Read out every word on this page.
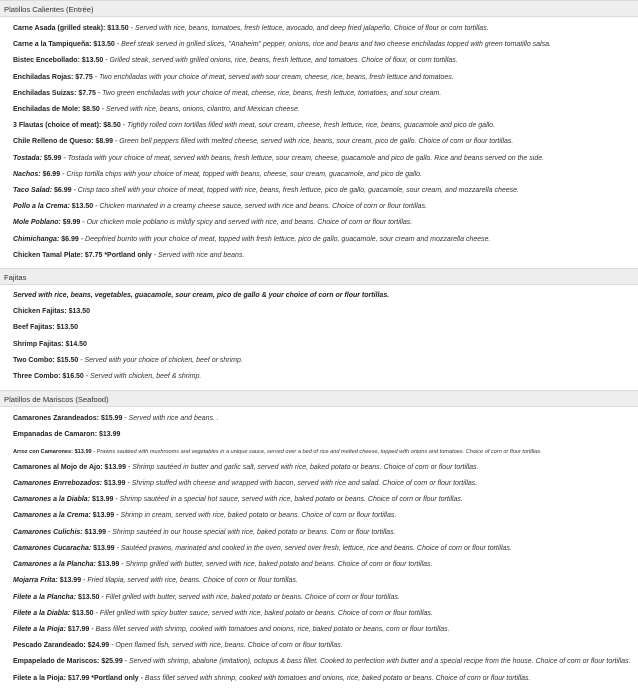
Platillos Calientes (Entrée)
Carne Asada (grilled steak): $13.50 - Served with rice, beans, tomatoes, fresh lettuce, avocado, and deep fried jalapeño. Choice of flour or corn tortillas.
Carne a la Tampiqueña: $13.50 - Beef steak served in grilled slices, "Anaheim" pepper, onions, rice and beans and two cheese enchiladas topped with green tomatillo salsa.
Bistec Encebollado: $13.50 - Grilled steak, served with grilled onions, rice, beans, fresh lettuce, and tomatoes. Choice of flour, or corn tortillas.
Enchiladas Rojas: $7.75 - Two enchiladas with your choice of meat, served with sour cream, cheese, rice, beans, fresh lettuce and tomatoes.
Enchiladas Suizas: $7.75 - Two green enchiladas with your choice of meat, cheese, rice, beans, fresh lettuce, tomatoes, and sour cream.
Enchiladas de Mole: $8.50 - Served with rice, beans, onions, cilantro, and Mexican cheese.
3 Flautas (choice of meat): $8.50 - Tightly rolled corn tortillas filled with meat, sour cream, cheese, fresh lettuce, rice, beans, guacamole and pico de gallo.
Chile Relleno de Queso: $8.99 - Green bell peppers filled with melted cheese, served with rice, beans, sour cream, pico de gallo. Choice of corn or flour tortillas.
Tostada: $5.99 - Tostada with your choice of meat, served with beans, fresh lettuce, sour cream, cheese, guacamole and pico de gallo. Rice and beans served on the side.
Nachos: $6.99 - Crisp tortilla chips with your choice of meat, topped with beans, cheese, sour cream, guacamole, and pico de gallo.
Taco Salad: $6.99 - Crisp taco shell with your choice of meat, topped with rice, beans, fresh lettuce, pico de gallo, guacamole, sour cream, and mozzarella cheese.
Pollo a la Crema: $13.50 - Chicken marinated in a creamy cheese sauce, served with rice and beans. Choice of corn or flour tortillas.
Mole Poblano: $9.99 - Our chicken mole poblano is mildly spicy and served with rice, and beans. Choice of corn or flour tortillas.
Chimichanga: $6.99 - Deepfried burrito with your choice of meat, topped with fresh lettuce, pico de gallo, guacamole, sour cream and mozzarella cheese.
Chicken Tamal Plate: $7.75 *Portland only - Served with rice and beans.
Fajitas
Served with rice, beans, vegetables, guacamole, sour cream, pico de gallo & your choice of corn or flour tortillas.
Chicken Fajitas: $13.50
Beef Fajitas: $13.50
Shrimp Fajitas: $14.50
Two Combo: $15.50 - Served with your choice of chicken, beef or shrimp.
Three Combo: $16.50 - Served with chicken, beef & shrimp.
Platillos de Mariscos (Seafood)
Camarones Zarandeados: $15.99 - Served with rice and beans. .
Empanadas de Camaron: $13.99
Arroz con Camarones: $13.99 - Prawns sautéed with mushrooms and vegetables in a unique sauce, served over a bed of rice and melted cheese, topped with onions and tomatoes. Choice of corn or flour tortillas.
Camarones al Mojo de Ajo: $13.99 - Shrimp sautéed in butter and garlic salt, served with rice, baked potato or beans. Choice of corn or flour tortillas.
Camarones Enrrebozados: $13.99 - Shrimp stuffed with cheese and wrapped with bacon, served with rice and salad. Choice of corn or flour tortillas.
Camarones a la Diabla: $13.99 - Shrimp sautéed in a special hot sauce, served with rice, baked potato or beans. Choice of corn or flour tortillas.
Camarones a la Crema: $13.99 - Shrimp in cream, served with rice, baked potato or beans. Choice of corn or flour tortillas.
Camarones Culichis: $13.99 - Shrimp sautéed in our house special with rice, baked potato or beans. Corn or flour tortillas.
Camarones Cucaracha: $13.99 - Sautéed prawns, marinated and cooked in the oven, served over fresh, lettuce, rice and beans. Choice of corn or flour tortillas.
Camarones a la Plancha: $13.99 - Shrimp grilled with butter, served with rice, baked potato and beans. Choice of corn or flour tortillas.
Mojarra Frita: $13.99 - Fried tilapia, served with rice, beans. Choice of corn or flour tortillas.
Filete a la Plancha: $13.50 - Fillet grilled with butter, served with rice, baked potato or beans. Choice of corn or flour tortillas.
Filete a la Diabla: $13.50 - Fillet grilled with spicy butter sauce, served with rice, baked potato or beans. Choice of corn or flour tortillas.
Filete a la Pioja: $17.99 - Bass fillet served with shrimp, cooked with tomatoes and onions, rice, baked potato or beans, corn or flour tortillas.
Pescado Zarandeado: $24.99 - Open flamed fish, served with rice, beans. Choice of corn or flour tortillas.
Empapelado de Mariscos: $25.99 - Served with shrimp, abalone (imitation), octupus & bass fillet. Cooked to perfection with butter and a special recipe from the house. Choice of corn or flour tortillas.
Filete a la Pioja: $17.99 *Portland only - Bass fillet served with shrimp, cooked with tomatoes and onions, rice, baked potato or beans. Choice of corn or flour tortillas.
